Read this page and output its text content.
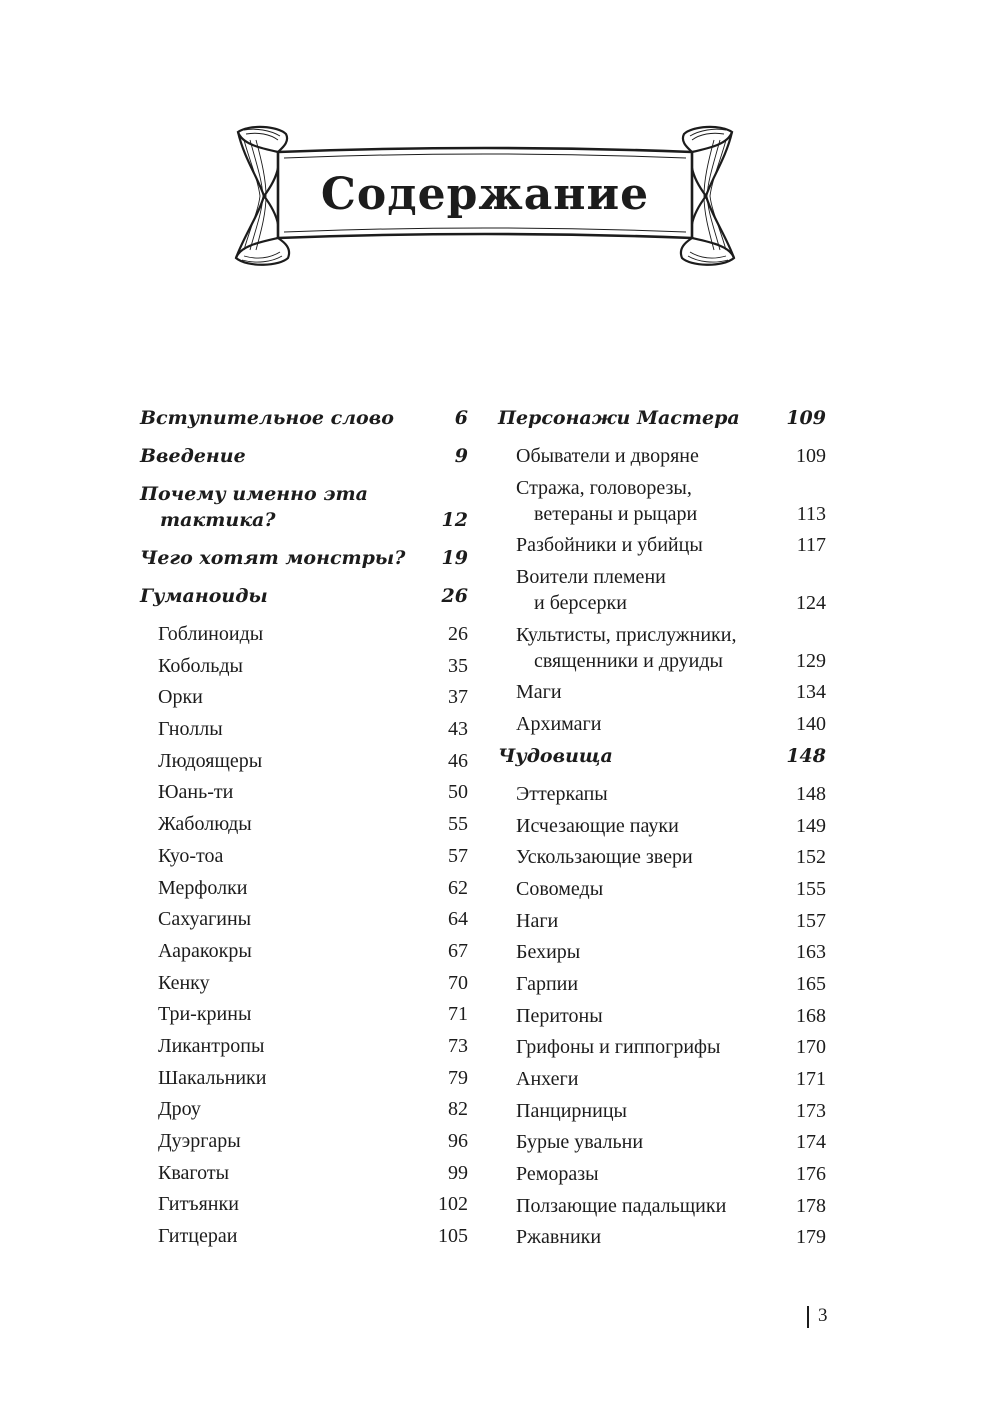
Содержание
Вступительное слово	6
Введение	9
Почему именно эта
тактика?	12
Чего хотят монстры?	19
Гуманоиды	26
Гоблиноиды	26
Кобольды	35
Орки	37
Гноллы	43
Людоящеры	46
Юань-ти	50
Жаболюды	55
Куо-тоа	57
Мерфолки	62
Сахуагины	64
Ааракокры	67
Кенку	70
Три-крины	71
Ликантропы	73
Шакальники	79
Дроу	82
Дуэргары	96
Кваготы	99
Гитъянки	102
Гитцераи	105
Персонажи Мастера	109
Обыватели и дворяне	109
Стража, головорезы,
ветераны и рыцари	113
Разбойники и убийцы	117
Воители племени
и берсерки	124
Культисты, прислужники,
священники и друиды	129
Маги	134
Архимаги	140
Чудовища	148
Эттеркапы	148
Исчезающие пауки	149
Ускользающие звери	152
Совомеды	155
Наги	157
Бехиры	163
Гарпии	165
Перитоны	168
Грифоны и гиппогрифы	170
Анхеги	171
Панцирницы	173
Бурые увальни	174
Реморазы	176
Ползающие падальщики	178
Ржавники	179
3
